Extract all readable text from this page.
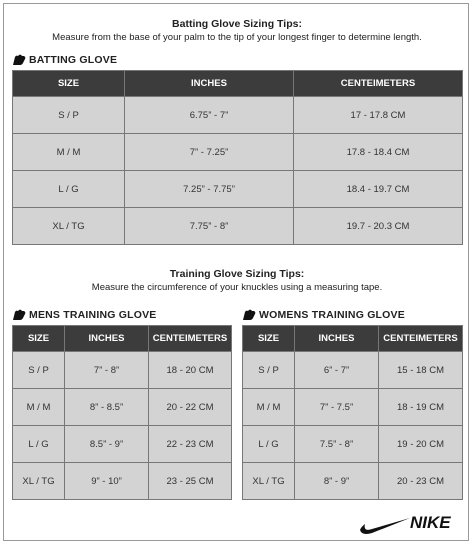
Batting Glove Sizing Tips:
Measure from the base of your palm to the tip of your longest finger to determine length.
BATTING GLOVE
SIZE	INCHES	CENTEIMETERS
S / P	6.75” - 7”	17 - 17.8 CM
M / M	7” - 7.25”	17.8 - 18.4 CM
L / G	7.25” - 7.75”	18.4 - 19.7 CM
XL / TG	7.75” - 8”	19.7 - 20.3 CM
Training Glove Sizing Tips:
Measure the circumference of your knuckles using a measuring tape.
MENS TRAINING GLOVE
SIZE	INCHES	CENTEIMETERS
S / P	7” - 8”	18 - 20 CM
M / M	8” - 8.5”	20 - 22 CM
L / G	8.5” - 9”	22 - 23 CM
XL / TG	9” - 10”	23 - 25 CM
WOMENS TRAINING GLOVE
SIZE	INCHES	CENTEIMETERS
S / P	6” - 7”	15 - 18 CM
M / M	7” - 7.5”	18 - 19 CM
L / G	7.5” - 8”	19 - 20 CM
XL / TG	8” - 9”	20 - 23 CM
NIKE
